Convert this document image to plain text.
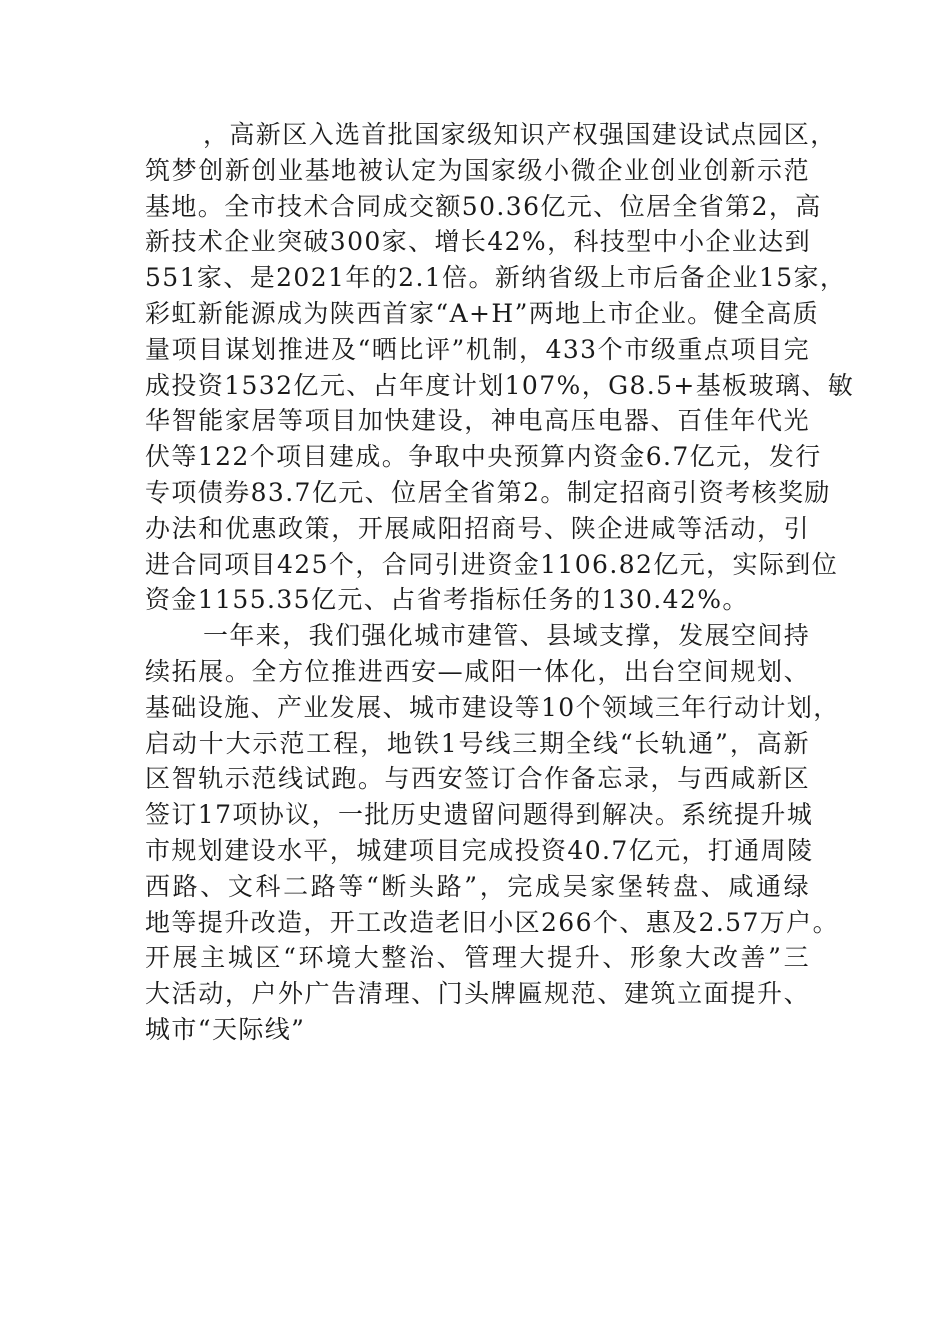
，高新区入选首批国家级知识产权强国建设试点园区，
筑梦创新创业基地被认定为国家级小微企业创业创新示范
基地。全市技术合同成交额50.36亿元、位居全省第2，高
新技术企业突破300家、增长42%，科技型中小企业达到
551家、是2021年的2.1倍。新纳省级上市后备企业15家，
彩虹新能源成为陕西首家“A+H”两地上市企业。健全高质
量项目谋划推进及“晒比评”机制，433个市级重点项目完
成投资1532亿元、占年度计划107%，G8.5+基板玻璃、敏
华智能家居等项目加快建设，神电高压电器、百佳年代光
伏等122个项目建成。争取中央预算内资金6.7亿元，发行
专项债券83.7亿元、位居全省第2。制定招商引资考核奖励
办法和优惠政策，开展咸阳招商号、陕企进咸等活动，引
进合同项目425个，合同引进资金1106.82亿元，实际到位
资金1155.35亿元、占省考指标任务的130.42%。
一年来，我们强化城市建管、县域支撑，发展空间持
续拓展。全方位推进西安—咸阳一体化，出台空间规划、
基础设施、产业发展、城市建设等10个领域三年行动计划，
启动十大示范工程，地铁1号线三期全线“长轨通”，高新
区智轨示范线试跑。与西安签订合作备忘录，与西咸新区
签订17项协议，一批历史遗留问题得到解决。系统提升城
市规划建设水平，城建项目完成投资40.7亿元，打通周陵
西路、文科二路等“断头路”，完成吴家堡转盘、咸通绿
地等提升改造，开工改造老旧小区266个、惠及2.57万户。
开展主城区“环境大整治、管理大提升、形象大改善”三
大活动，户外广告清理、门头牌匾规范、建筑立面提升、
城市“天际线”
